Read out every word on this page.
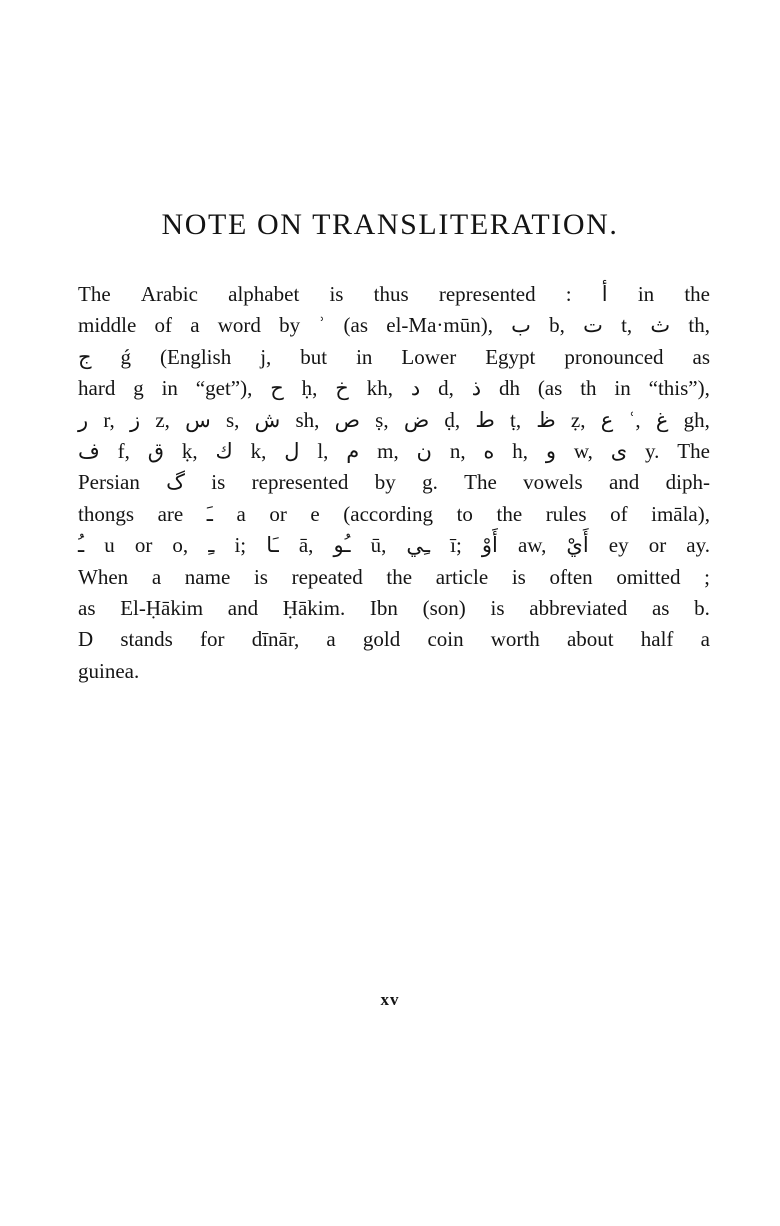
NOTE ON TRANSLITERATION.
The Arabic alphabet is thus represented : أ in the
middle of a word by ʾ (as el-Ma·mūn), ب b, ت t, ث th,
ج ǵ (English j, but in Lower Egypt pronounced as
hard g in “get”), ح ḥ, خ kh, د d, ذ dh (as th in “this”),
ر r, ز z, س s, ش sh, ص ṣ, ض ḍ, ط ṭ, ظ ẓ, ع ʿ, غ gh,
ف f, ق ḳ, ك k, ل l, م m, ن n, ه h, و w, ى y. The
Persian گ is represented by g. The vowels and diph-
thongs are ـَ a or e (according to the rules of imāla),
ـُ u or o, ـِ i; ـَا ā, ـُو ū, ـِي ī; أَوْ aw, أَيْ ey or ay.
When a name is repeated the article is often omitted ;
as El-Ḥākim and Ḥākim. Ibn (son) is abbreviated as b.
D stands for dīnār, a gold coin worth about half a
guinea.
xv
